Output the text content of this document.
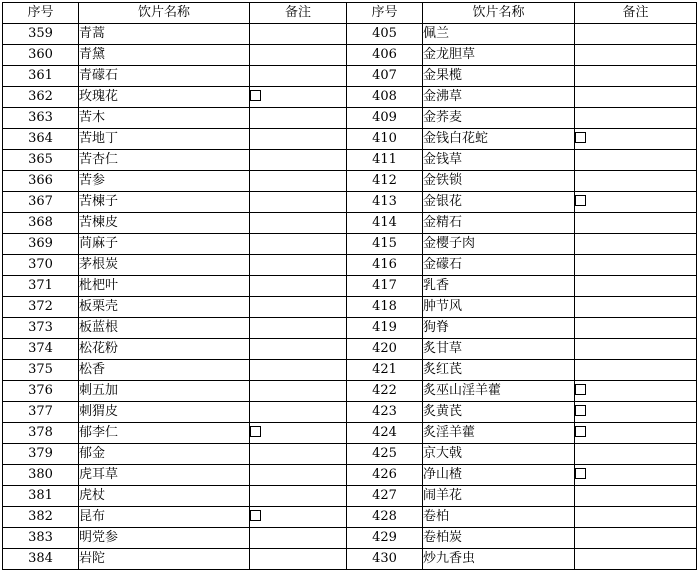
序号	饮片名称	备注	序号	饮片名称	备注
359	青蒿		405	佩兰	
360	青黛		406	金龙胆草	
361	青礞石		407	金果榄	
362	玫瑰花		408	金沸草	
363	苦木		409	金荞麦	
364	苦地丁		410	金钱白花蛇	
365	苦杏仁		411	金钱草	
366	苦参		412	金铁锁	
367	苦楝子		413	金银花	
368	苦楝皮		414	金精石	
369	苘麻子		415	金樱子肉	
370	茅根炭		416	金礞石	
371	枇杷叶		417	乳香	
372	板栗壳		418	肿节风	
373	板蓝根		419	狗脊	
374	松花粉		420	炙甘草	
375	松香		421	炙红芪	
376	刺五加		422	炙巫山淫羊藿	
377	刺猬皮		423	炙黄芪	
378	郁李仁		424	炙淫羊藿	
379	郁金		425	京大戟	
380	虎耳草		426	净山楂	
381	虎杖		427	闹羊花	
382	昆布		428	卷柏	
383	明党参		429	卷柏炭	
384	岩陀		430	炒九香虫	
